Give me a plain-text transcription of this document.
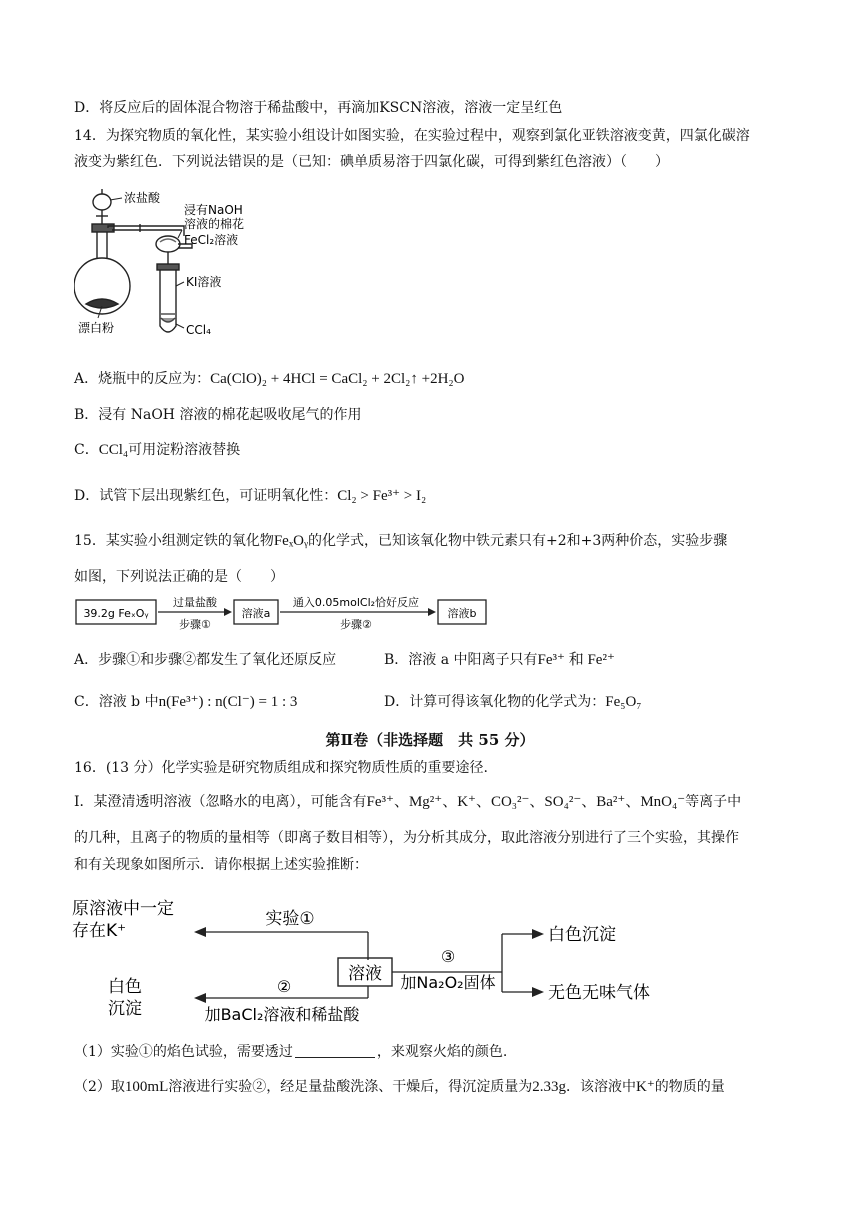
D．将反应后的固体混合物溶于稀盐酸中，再滴加KSCN溶液，溶液一定呈红色
14．为探究物质的氧化性，某实验小组设计如图实验，在实验过程中，观察到氯化亚铁溶液变黄，四氯化碳溶
液变为紫红色．下列说法错误的是（已知：碘单质易溶于四氯化碳，可得到紫红色溶液）（　　）
浓盐酸
浸有NaOH
溶液的棉花
FeCl₂溶液
KI溶液
漂白粉	CCl₄
A．烧瓶中的反应为：Ca(ClO)₂ + 4HCl = CaCl₂ + 2Cl₂↑ +2H₂O
B．浸有 NaOH 溶液的棉花起吸收尾气的作用
C．CCl₄可用淀粉溶液替换
D．试管下层出现紫红色，可证明氧化性：Cl₂ > Fe³⁺ > I₂
15．某实验小组测定铁的氧化物FeₓOᵧ的化学式，已知该氧化物中铁元素只有+2和+3两种价态，实验步骤
如图，下列说法正确的是（　　）
39.2g FeₓOᵧ
过量盐酸
步骤①
溶液a
通入0.05molCl₂恰好反应
步骤②
溶液b
A．步骤①和步骤②都发生了氧化还原反应	B．溶液 a 中阳离子只有Fe³⁺ 和 Fe²⁺
C．溶液 b 中n(Fe³⁺) : n(Cl⁻) = 1 : 3	D．计算可得该氧化物的化学式为：Fe₅O₇
第Ⅱ卷（非选择题　共 55 分）
16．(13 分）化学实验是研究物质组成和探究物质性质的重要途径.
Ⅰ．某澄清透明溶液（忽略水的电离），可能含有Fe³⁺、Mg²⁺、K⁺、CO₃²⁻、SO₄²⁻、Ba²⁺、MnO₄⁻等离子中
的几种，且离子的物质的量相等（即离子数目相等），为分析其成分，取此溶液分别进行了三个实验，其操作
和有关现象如图所示．请你根据上述实验推断：
原溶液中一定
存在K⁺
实验①
溶液
②
加BaCl₂溶液和稀盐酸
白色
沉淀
③
加Na₂O₂固体
白色沉淀
无色无味气体
（1）实验①的焰色试验，需要透过	，来观察火焰的颜色.
（2）取100mL溶液进行实验②，经足量盐酸洗涤、干燥后，得沉淀质量为2.33g．该溶液中K⁺的物质的量
